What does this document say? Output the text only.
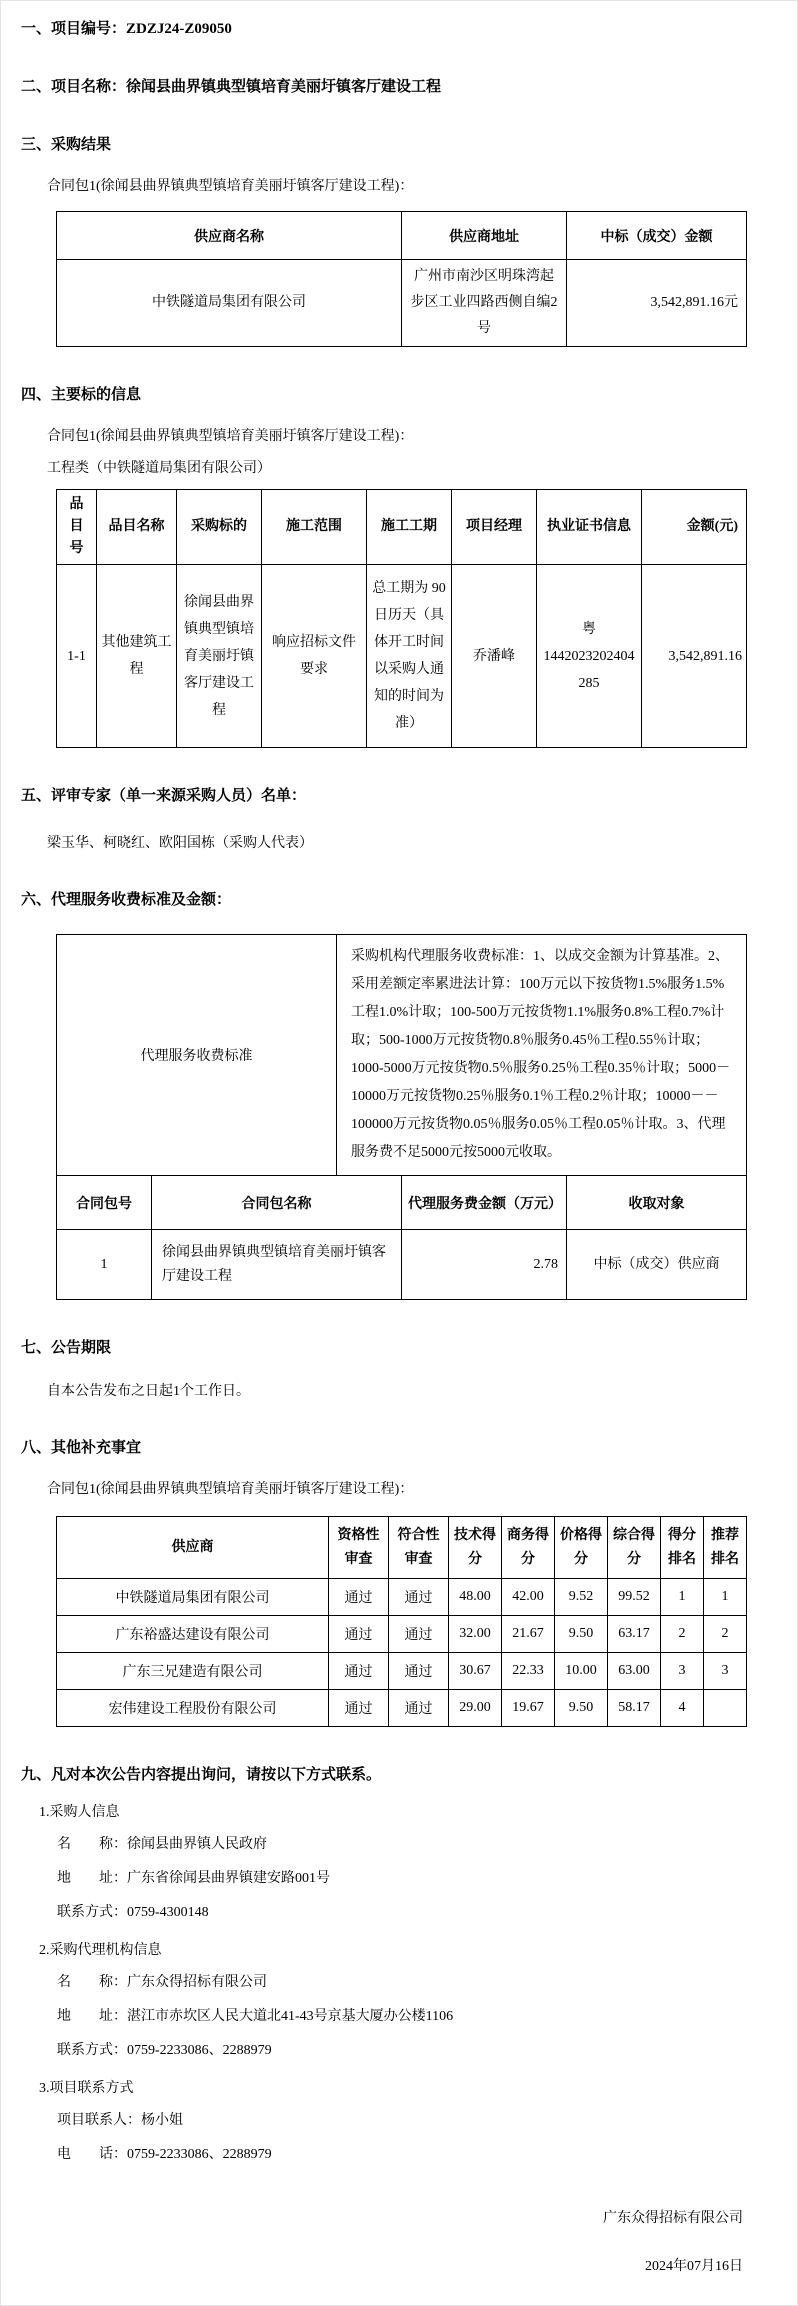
一、项目编号：ZDZJ24-Z09050

二、项目名称：徐闻县曲界镇典型镇培育美丽圩镇客厅建设工程

三、采购结果

合同包1(徐闻县曲界镇典型镇培育美丽圩镇客厅建设工程)：

供应商名称	供应商地址	中标（成交）金额
中铁隧道局集团有限公司	广州市南沙区明珠湾起步区工业四路西侧自编2号	3,542,891.16元

四、主要标的信息

合同包1(徐闻县曲界镇典型镇培育美丽圩镇客厅建设工程)：

工程类（中铁隧道局集团有限公司）

品目号	品目名称	采购标的	施工范围	施工工期	项目经理	执业证书信息	金额(元)
1-1	其他建筑工程	徐闻县曲界镇典型镇培育美丽圩镇客厅建设工程	响应招标文件要求	总工期为 90 日历天（具 体开工时间 以采购人通知的时间为准）	乔潘峰	粤 1442023202404285	3,542,891.16

五、评审专家（单一来源采购人员）名单：

梁玉华、柯晓红、欧阳国栋（采购人代表）

六、代理服务收费标准及金额：

代理服务收费标准	采购机构代理服务收费标准：1、以成交金额为计算基准。2、采用差额定率累进法计算：100万元以下按货物1.5%服务1.5%工程1.0%计取；100-500万元按货物1.1%服务0.8%工程0.7%计取；500-1000万元按货物0.8％服务0.45％工程0.55％计取；1000-5000万元按货物0.5％服务0.25％工程0.35％计取；5000－10000万元按货物0.25％服务0.1％工程0.2％计取；10000－－100000万元按货物0.05％服务0.05％工程0.05％计取。3、代理服务费不足5000元按5000元收取。
合同包号	合同包名称	代理服务费金额（万元）	收取对象
1	徐闻县曲界镇典型镇培育美丽圩镇客厅建设工程	2.78	中标（成交）供应商

七、公告期限

自本公告发布之日起1个工作日。

八、其他补充事宜

合同包1(徐闻县曲界镇典型镇培育美丽圩镇客厅建设工程)：

供应商	资格性审查	符合性审查	技术得分	商务得分	价格得分	综合得分	得分排名	推荐排名
中铁隧道局集团有限公司	通过	通过	48.00	42.00	9.52	99.52	1	1
广东裕盛达建设有限公司	通过	通过	32.00	21.67	9.50	63.17	2	2
广东三兄建造有限公司	通过	通过	30.67	22.33	10.00	63.00	3	3
宏伟建设工程股份有限公司	通过	通过	29.00	19.67	9.50	58.17	4	

九、凡对本次公告内容提出询问，请按以下方式联系。

1.采购人信息

名　　称：徐闻县曲界镇人民政府

地　　址：广东省徐闻县曲界镇建安路001号

联系方式：0759-4300148

2.采购代理机构信息

名　　称：广东众得招标有限公司

地　　址：湛江市赤坎区人民大道北41-43号京基大厦办公楼1106

联系方式：0759-2233086、2288979

3.项目联系方式

项目联系人：杨小姐

电　　话：0759-2233086、2288979

广东众得招标有限公司
2024年07月16日
